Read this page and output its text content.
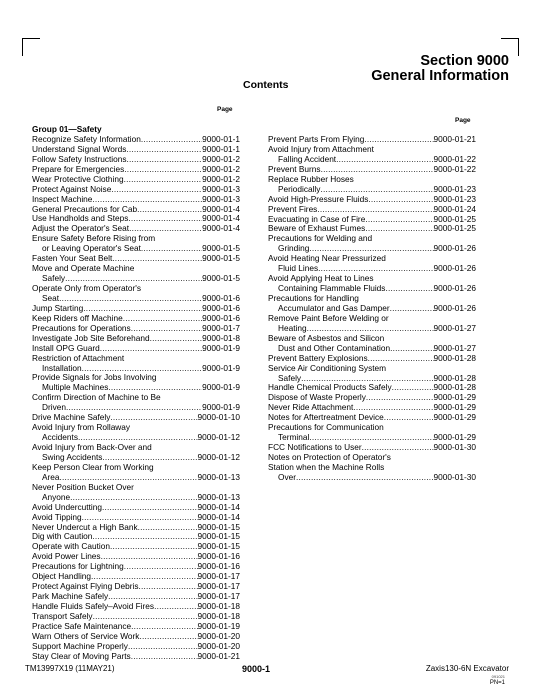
Section 9000
General Information
Contents
Page
Page
Group 01—Safety
Recognize Safety Information .....	9000-01-1
Understand Signal Words .....	9000-01-1
Follow Safety Instructions .....	9000-01-2
Prepare for Emergencies .....	9000-01-2
Wear Protective Clothing .....	9000-01-2
Protect Against Noise .....	9000-01-3
Inspect Machine .....	9000-01-3
General Precautions for Cab .....	9000-01-4
Use Handholds and Steps .....	9000-01-4
Adjust the Operator's Seat .....	9000-01-4
Ensure Safety Before Rising from
or Leaving Operator's Seat .....	9000-01-5
Fasten Your Seat Belt .....	9000-01-5
Move and Operate Machine
Safely .....	9000-01-5
Operate Only from Operator's
Seat .....	9000-01-6
Jump Starting .....	9000-01-6
Keep Riders off Machine .....	9000-01-6
Precautions for Operations .....	9000-01-7
Investigate Job Site Beforehand .....	9000-01-8
Install OPG Guard .....	9000-01-9
Restriction of Attachment
Installation .....	9000-01-9
Provide Signals for Jobs Involving
Multiple Machines .....	9000-01-9
Confirm Direction of Machine to Be
Driven .....	9000-01-9
Drive Machine Safely .....	9000-01-10
Avoid Injury from Rollaway
Accidents .....	9000-01-12
Avoid Injury from Back-Over and
Swing Accidents .....	9000-01-12
Keep Person Clear from Working
Area .....	9000-01-13
Never Position Bucket Over
Anyone .....	9000-01-13
Avoid Undercutting .....	9000-01-14
Avoid Tipping .....	9000-01-14
Never Undercut a High Bank .....	9000-01-15
Dig with Caution .....	9000-01-15
Operate with Caution .....	9000-01-15
Avoid Power Lines .....	9000-01-16
Precautions for Lightning .....	9000-01-16
Object Handling .....	9000-01-17
Protect Against Flying Debris .....	9000-01-17
Park Machine Safely .....	9000-01-17
Handle Fluids Safely–Avoid Fires .....	9000-01-18
Transport Safely .....	9000-01-18
Practice Safe Maintenance .....	9000-01-19
Warn Others of Service Work .....	9000-01-20
Support Machine Properly .....	9000-01-20
Stay Clear of Moving Parts .....	9000-01-21
Prevent Parts From Flying .....	9000-01-21
Avoid Injury from Attachment
Falling Accident .....	9000-01-22
Prevent Burns .....	9000-01-22
Replace Rubber Hoses
Periodically .....	9000-01-23
Avoid High-Pressure Fluids .....	9000-01-23
Prevent Fires .....	9000-01-24
Evacuating in Case of Fire .....	9000-01-25
Beware of Exhaust Fumes .....	9000-01-25
Precautions for Welding and
Grinding .....	9000-01-26
Avoid Heating Near Pressurized
Fluid Lines .....	9000-01-26
Avoid Applying Heat to Lines
Containing Flammable Fluids .....	9000-01-26
Precautions for Handling
Accumulator and Gas Damper .....	9000-01-26
Remove Paint Before Welding or
Heating .....	9000-01-27
Beware of Asbestos and Silicon
Dust and Other Contamination .....	9000-01-27
Prevent Battery Explosions .....	9000-01-28
Service Air Conditioning System
Safely .....	9000-01-28
Handle Chemical Products Safely .....	9000-01-28
Dispose of Waste Properly .....	9000-01-29
Never Ride Attachment .....	9000-01-29
Notes for Aftertreatment Device .....	9000-01-29
Precautions for Communication
Terminal .....	9000-01-29
FCC Notifications to User .....	9000-01-30
Notes on Protection of Operator's
Station when the Machine Rolls
Over .....	9000-01-30
TM13997X19 (11MAY21)	9000-1	Zaxis130-6N Excavator
091021
PN=1
